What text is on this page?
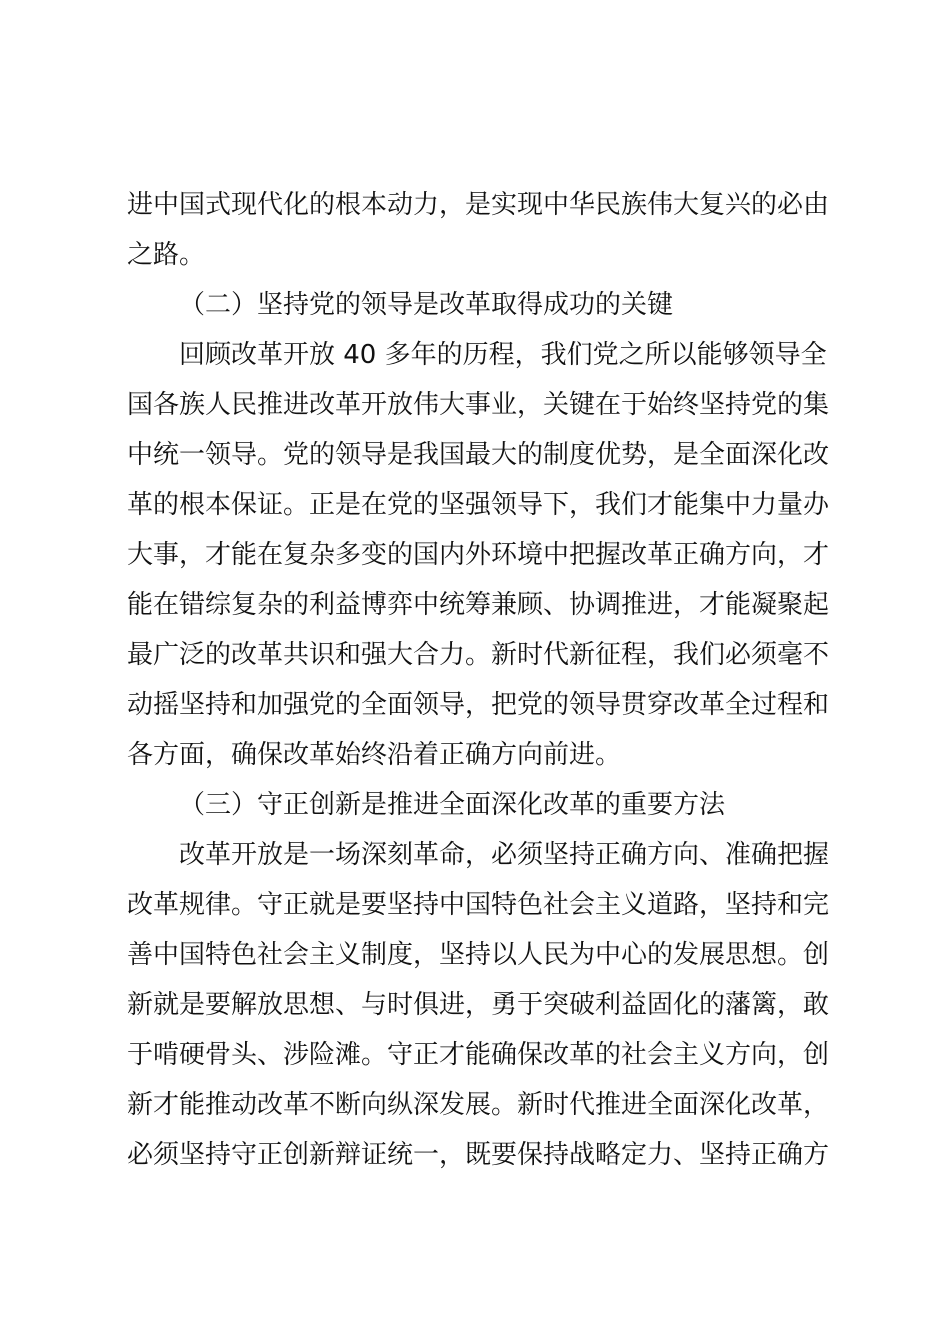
进中国式现代化的根本动力，是实现中华民族伟大复兴的必由
之路。
（二）坚持党的领导是改革取得成功的关键
回顾改革开放 40 多年的历程，我们党之所以能够领导全
国各族人民推进改革开放伟大事业，关键在于始终坚持党的集
中统一领导。党的领导是我国最大的制度优势，是全面深化改
革的根本保证。正是在党的坚强领导下，我们才能集中力量办
大事，才能在复杂多变的国内外环境中把握改革正确方向，才
能在错综复杂的利益博弈中统筹兼顾、协调推进，才能凝聚起
最广泛的改革共识和强大合力。新时代新征程，我们必须毫不
动摇坚持和加强党的全面领导，把党的领导贯穿改革全过程和
各方面，确保改革始终沿着正确方向前进。
（三）守正创新是推进全面深化改革的重要方法
改革开放是一场深刻革命，必须坚持正确方向、准确把握
改革规律。守正就是要坚持中国特色社会主义道路，坚持和完
善中国特色社会主义制度，坚持以人民为中心的发展思想。创
新就是要解放思想、与时俱进，勇于突破利益固化的藩篱，敢
于啃硬骨头、涉险滩。守正才能确保改革的社会主义方向，创
新才能推动改革不断向纵深发展。新时代推进全面深化改革，
必须坚持守正创新辩证统一，既要保持战略定力、坚持正确方
